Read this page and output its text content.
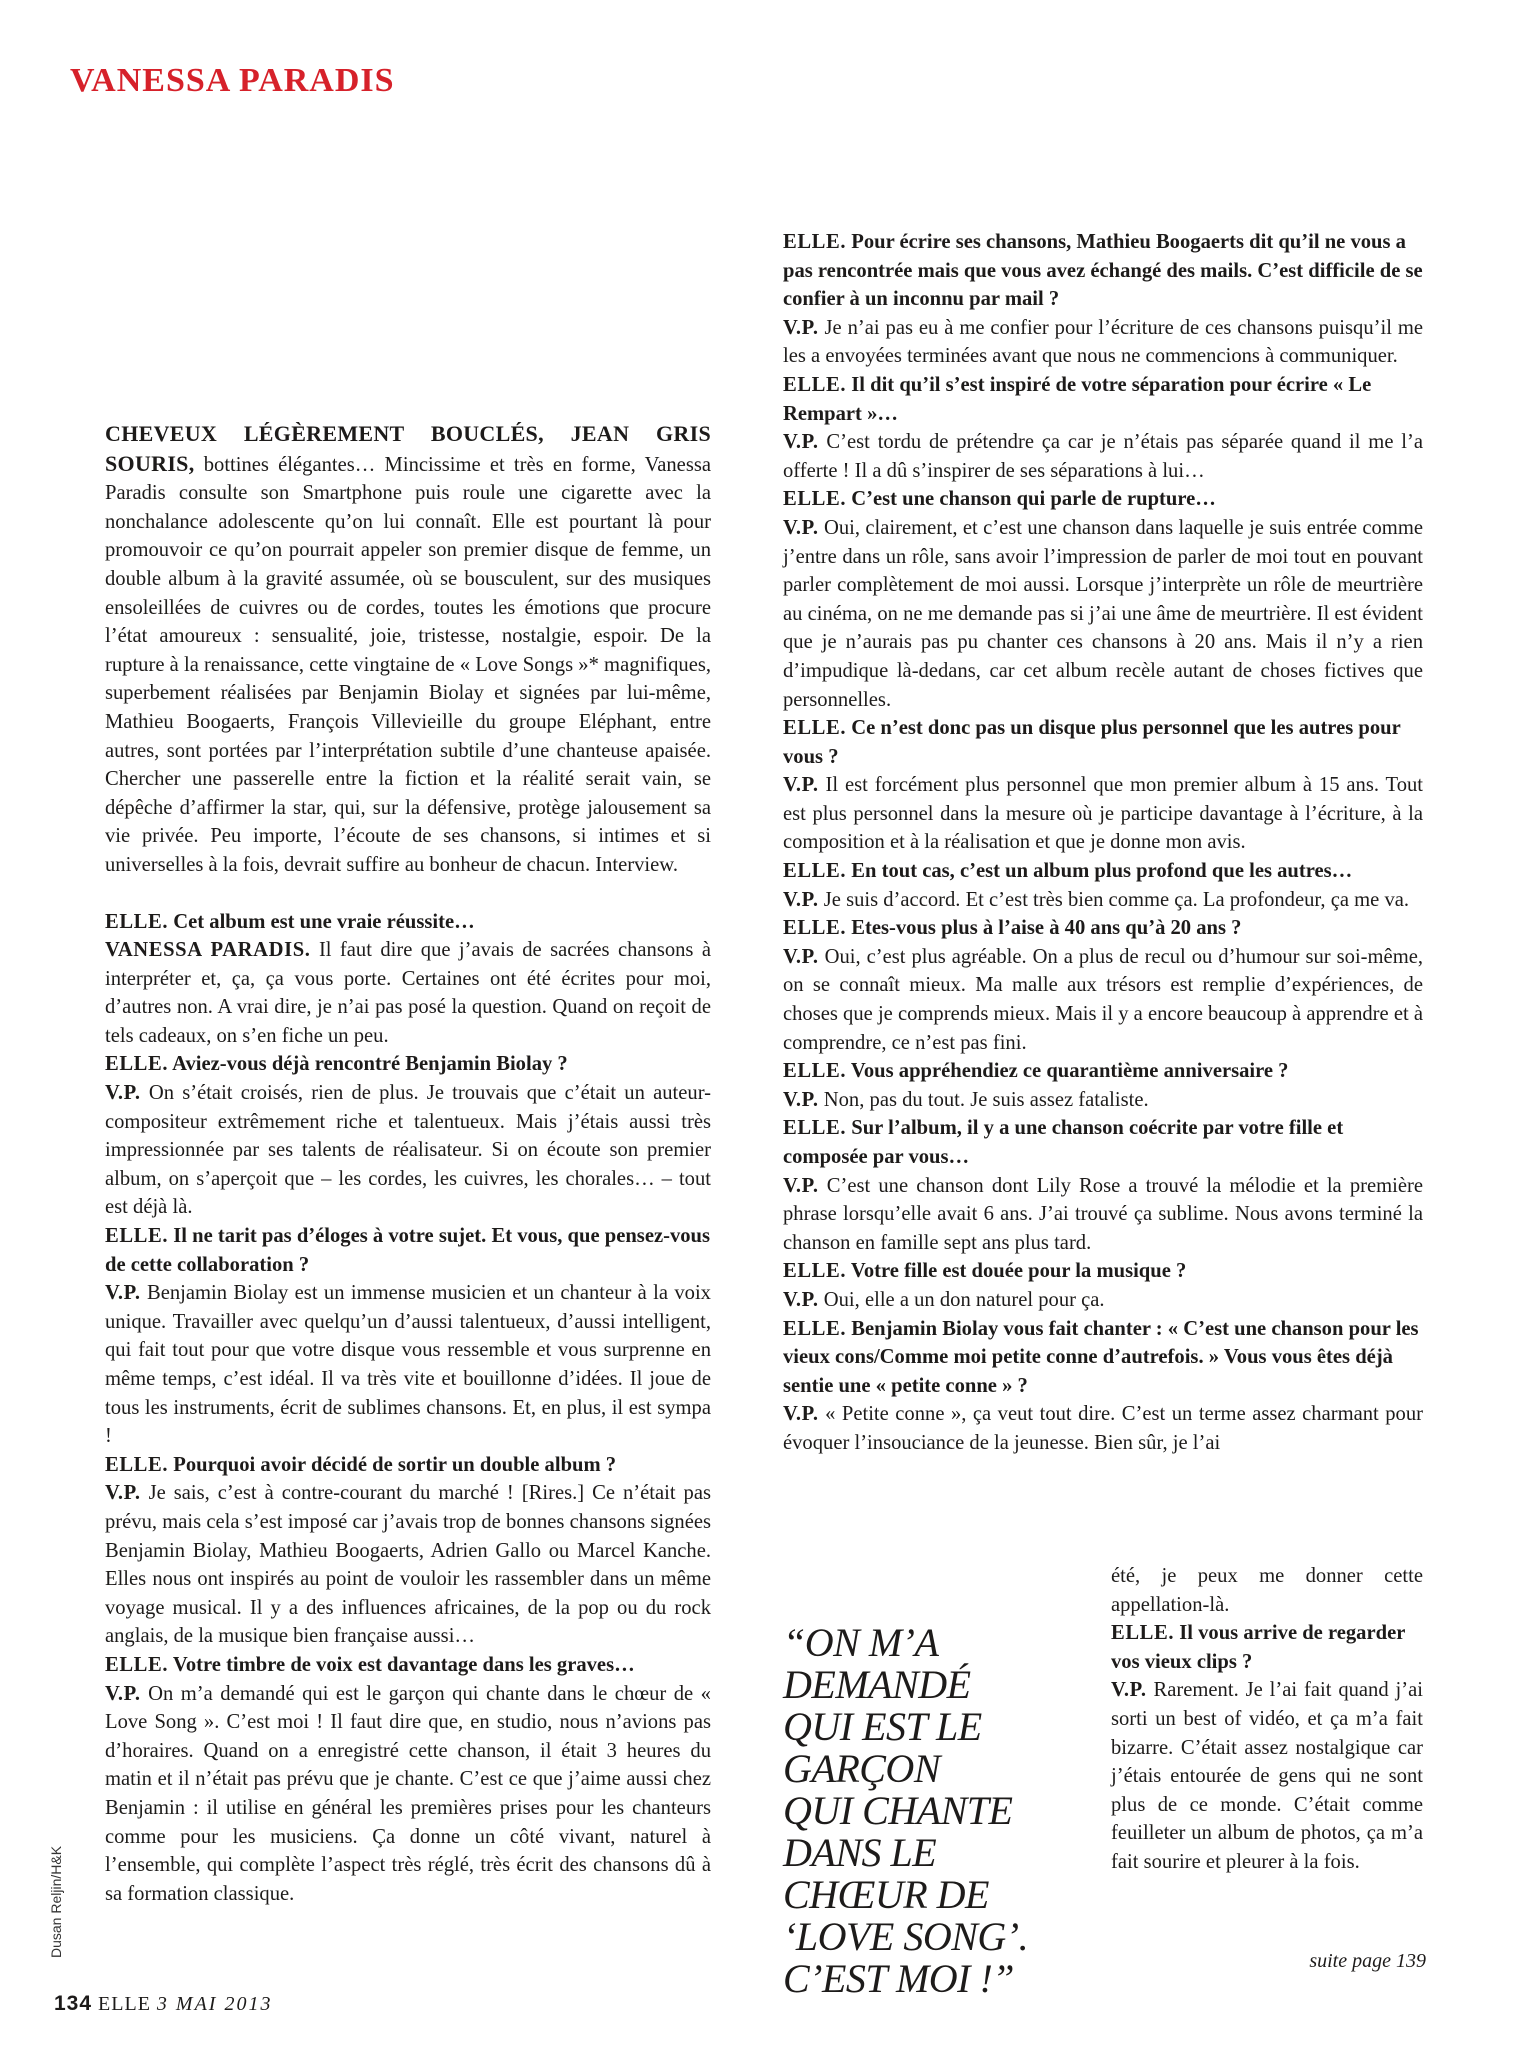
VANESSA PARADIS

CHEVEUX LÉGÈREMENT BOUCLÉS, JEAN GRIS SOURIS, bottines élégantes… Mincissime et très en forme, Vanessa Paradis consulte son Smartphone puis roule une cigarette avec la nonchalance adolescente qu’on lui connaît. Elle est pourtant là pour promouvoir ce qu’on pourrait appeler son premier disque de femme, un double album à la gravité assumée, où se bousculent, sur des musiques ensoleillées de cuivres ou de cordes, toutes les émotions que procure l’état amoureux : sensualité, joie, tristesse, nostalgie, espoir. De la rupture à la renaissance, cette vingtaine de « Love Songs »* magnifiques, superbement réalisées par Benjamin Biolay et signées par lui-même, Mathieu Boogaerts, François Villevieille du groupe Eléphant, entre autres, sont portées par l’interprétation subtile d’une chanteuse apaisée. Chercher une passerelle entre la fiction et la réalité serait vain, se dépêche d’affirmer la star, qui, sur la défensive, protège jalousement sa vie privée. Peu importe, l’écoute de ses chansons, si intimes et si universelles à la fois, devrait suffire au bonheur de chacun. Interview.

ELLE. Cet album est une vraie réussite…

VANESSA PARADIS. Il faut dire que j’avais de sacrées chansons à interpréter et, ça, ça vous porte. Certaines ont été écrites pour moi, d’autres non. A vrai dire, je n’ai pas posé la question. Quand on reçoit de tels cadeaux, on s’en fiche un peu.

ELLE. Aviez-vous déjà rencontré Benjamin Biolay ?

V.P. On s’était croisés, rien de plus. Je trouvais que c’était un auteur-compositeur extrêmement riche et talentueux. Mais j’étais aussi très impressionnée par ses talents de réalisateur. Si on écoute son premier album, on s’aperçoit que – les cordes, les cuivres, les chorales… – tout est déjà là.

ELLE. Il ne tarit pas d’éloges à votre sujet. Et vous, que pensez-vous de cette collaboration ?

V.P. Benjamin Biolay est un immense musicien et un chanteur à la voix unique. Travailler avec quelqu’un d’aussi talentueux, d’aussi intelligent, qui fait tout pour que votre disque vous ressemble et vous surprenne en même temps, c’est idéal. Il va très vite et bouillonne d’idées. Il joue de tous les instruments, écrit de sublimes chansons. Et, en plus, il est sympa !

ELLE. Pourquoi avoir décidé de sortir un double album ?

V.P. Je sais, c’est à contre-courant du marché ! [Rires.] Ce n’était pas prévu, mais cela s’est imposé car j’avais trop de bonnes chansons signées Benjamin Biolay, Mathieu Boogaerts, Adrien Gallo ou Marcel Kanche. Elles nous ont inspirés au point de vouloir les rassembler dans un même voyage musical. Il y a des influences africaines, de la pop ou du rock anglais, de la musique bien française aussi…

ELLE. Votre timbre de voix est davantage dans les graves…

V.P. On m’a demandé qui est le garçon qui chante dans le chœur de « Love Song ». C’est moi ! Il faut dire que, en studio, nous n’avions pas d’horaires. Quand on a enregistré cette chanson, il était 3 heures du matin et il n’était pas prévu que je chante. C’est ce que j’aime aussi chez Benjamin : il utilise en général les premières prises pour les chanteurs comme pour les musiciens. Ça donne un côté vivant, naturel à l’ensemble, qui complète l’aspect très réglé, très écrit des chansons dû à sa formation classique.

ELLE. Pour écrire ses chansons, Mathieu Boogaerts dit qu’il ne vous a pas rencontrée mais que vous avez échangé des mails. C’est difficile de se confier à un inconnu par mail ?

V.P. Je n’ai pas eu à me confier pour l’écriture de ces chansons puisqu’il me les a envoyées terminées avant que nous ne commencions à communiquer.

ELLE. Il dit qu’il s’est inspiré de votre séparation pour écrire « Le Rempart »…

V.P. C’est tordu de prétendre ça car je n’étais pas séparée quand il me l’a offerte ! Il a dû s’inspirer de ses séparations à lui…

ELLE. C’est une chanson qui parle de rupture…

V.P. Oui, clairement, et c’est une chanson dans laquelle je suis entrée comme j’entre dans un rôle, sans avoir l’impression de parler de moi tout en pouvant parler complètement de moi aussi. Lorsque j’interprète un rôle de meurtrière au cinéma, on ne me demande pas si j’ai une âme de meurtrière. Il est évident que je n’aurais pas pu chanter ces chansons à 20 ans. Mais il n’y a rien d’impudique là-dedans, car cet album recèle autant de choses fictives que personnelles.

ELLE. Ce n’est donc pas un disque plus personnel que les autres pour vous ?

V.P. Il est forcément plus personnel que mon premier album à 15 ans. Tout est plus personnel dans la mesure où je participe davantage à l’écriture, à la composition et à la réalisation et que je donne mon avis.

ELLE. En tout cas, c’est un album plus profond que les autres…

V.P. Je suis d’accord. Et c’est très bien comme ça. La profondeur, ça me va.

ELLE. Etes-vous plus à l’aise à 40 ans qu’à 20 ans ?

V.P. Oui, c’est plus agréable. On a plus de recul ou d’humour sur soi-même, on se connaît mieux. Ma malle aux trésors est remplie d’expériences, de choses que je comprends mieux. Mais il y a encore beaucoup à apprendre et à comprendre, ce n’est pas fini.

ELLE. Vous appréhendiez ce quarantième anniversaire ?

V.P. Non, pas du tout. Je suis assez fataliste.

ELLE. Sur l’album, il y a une chanson coécrite par votre fille et composée par vous…

V.P. C’est une chanson dont Lily Rose a trouvé la mélodie et la première phrase lorsqu’elle avait 6 ans. J’ai trouvé ça sublime. Nous avons terminé la chanson en famille sept ans plus tard.

ELLE. Votre fille est douée pour la musique ?

V.P. Oui, elle a un don naturel pour ça.

ELLE. Benjamin Biolay vous fait chanter : « C’est une chanson pour les vieux cons/Comme moi petite conne d’autrefois. » Vous vous êtes déjà sentie une « petite conne » ?

V.P. « Petite conne », ça veut tout dire. C’est un terme assez charmant pour évoquer l’insouciance de la jeunesse. Bien sûr, je l’ai

été, je peux me donner cette appellation-là.

ELLE. Il vous arrive de regarder vos vieux clips ?

V.P. Rarement. Je l’ai fait quand j’ai sorti un best of vidéo, et ça m’a fait bizarre. C’était assez nostalgique car j’étais entourée de gens qui ne sont plus de ce monde. C’était comme feuilleter un album de photos, ça m’a fait sourire et pleurer à la fois.

“ON M’A

DEMANDÉ

QUI EST LE

GARÇON

QUI CHANTE

DANS LE

CHŒUR DE

‘LOVE SONG’.

C’EST MOI !”	suite page 139
Dusan Reljin/H&K
134 ELLE 3 MAI 2013
